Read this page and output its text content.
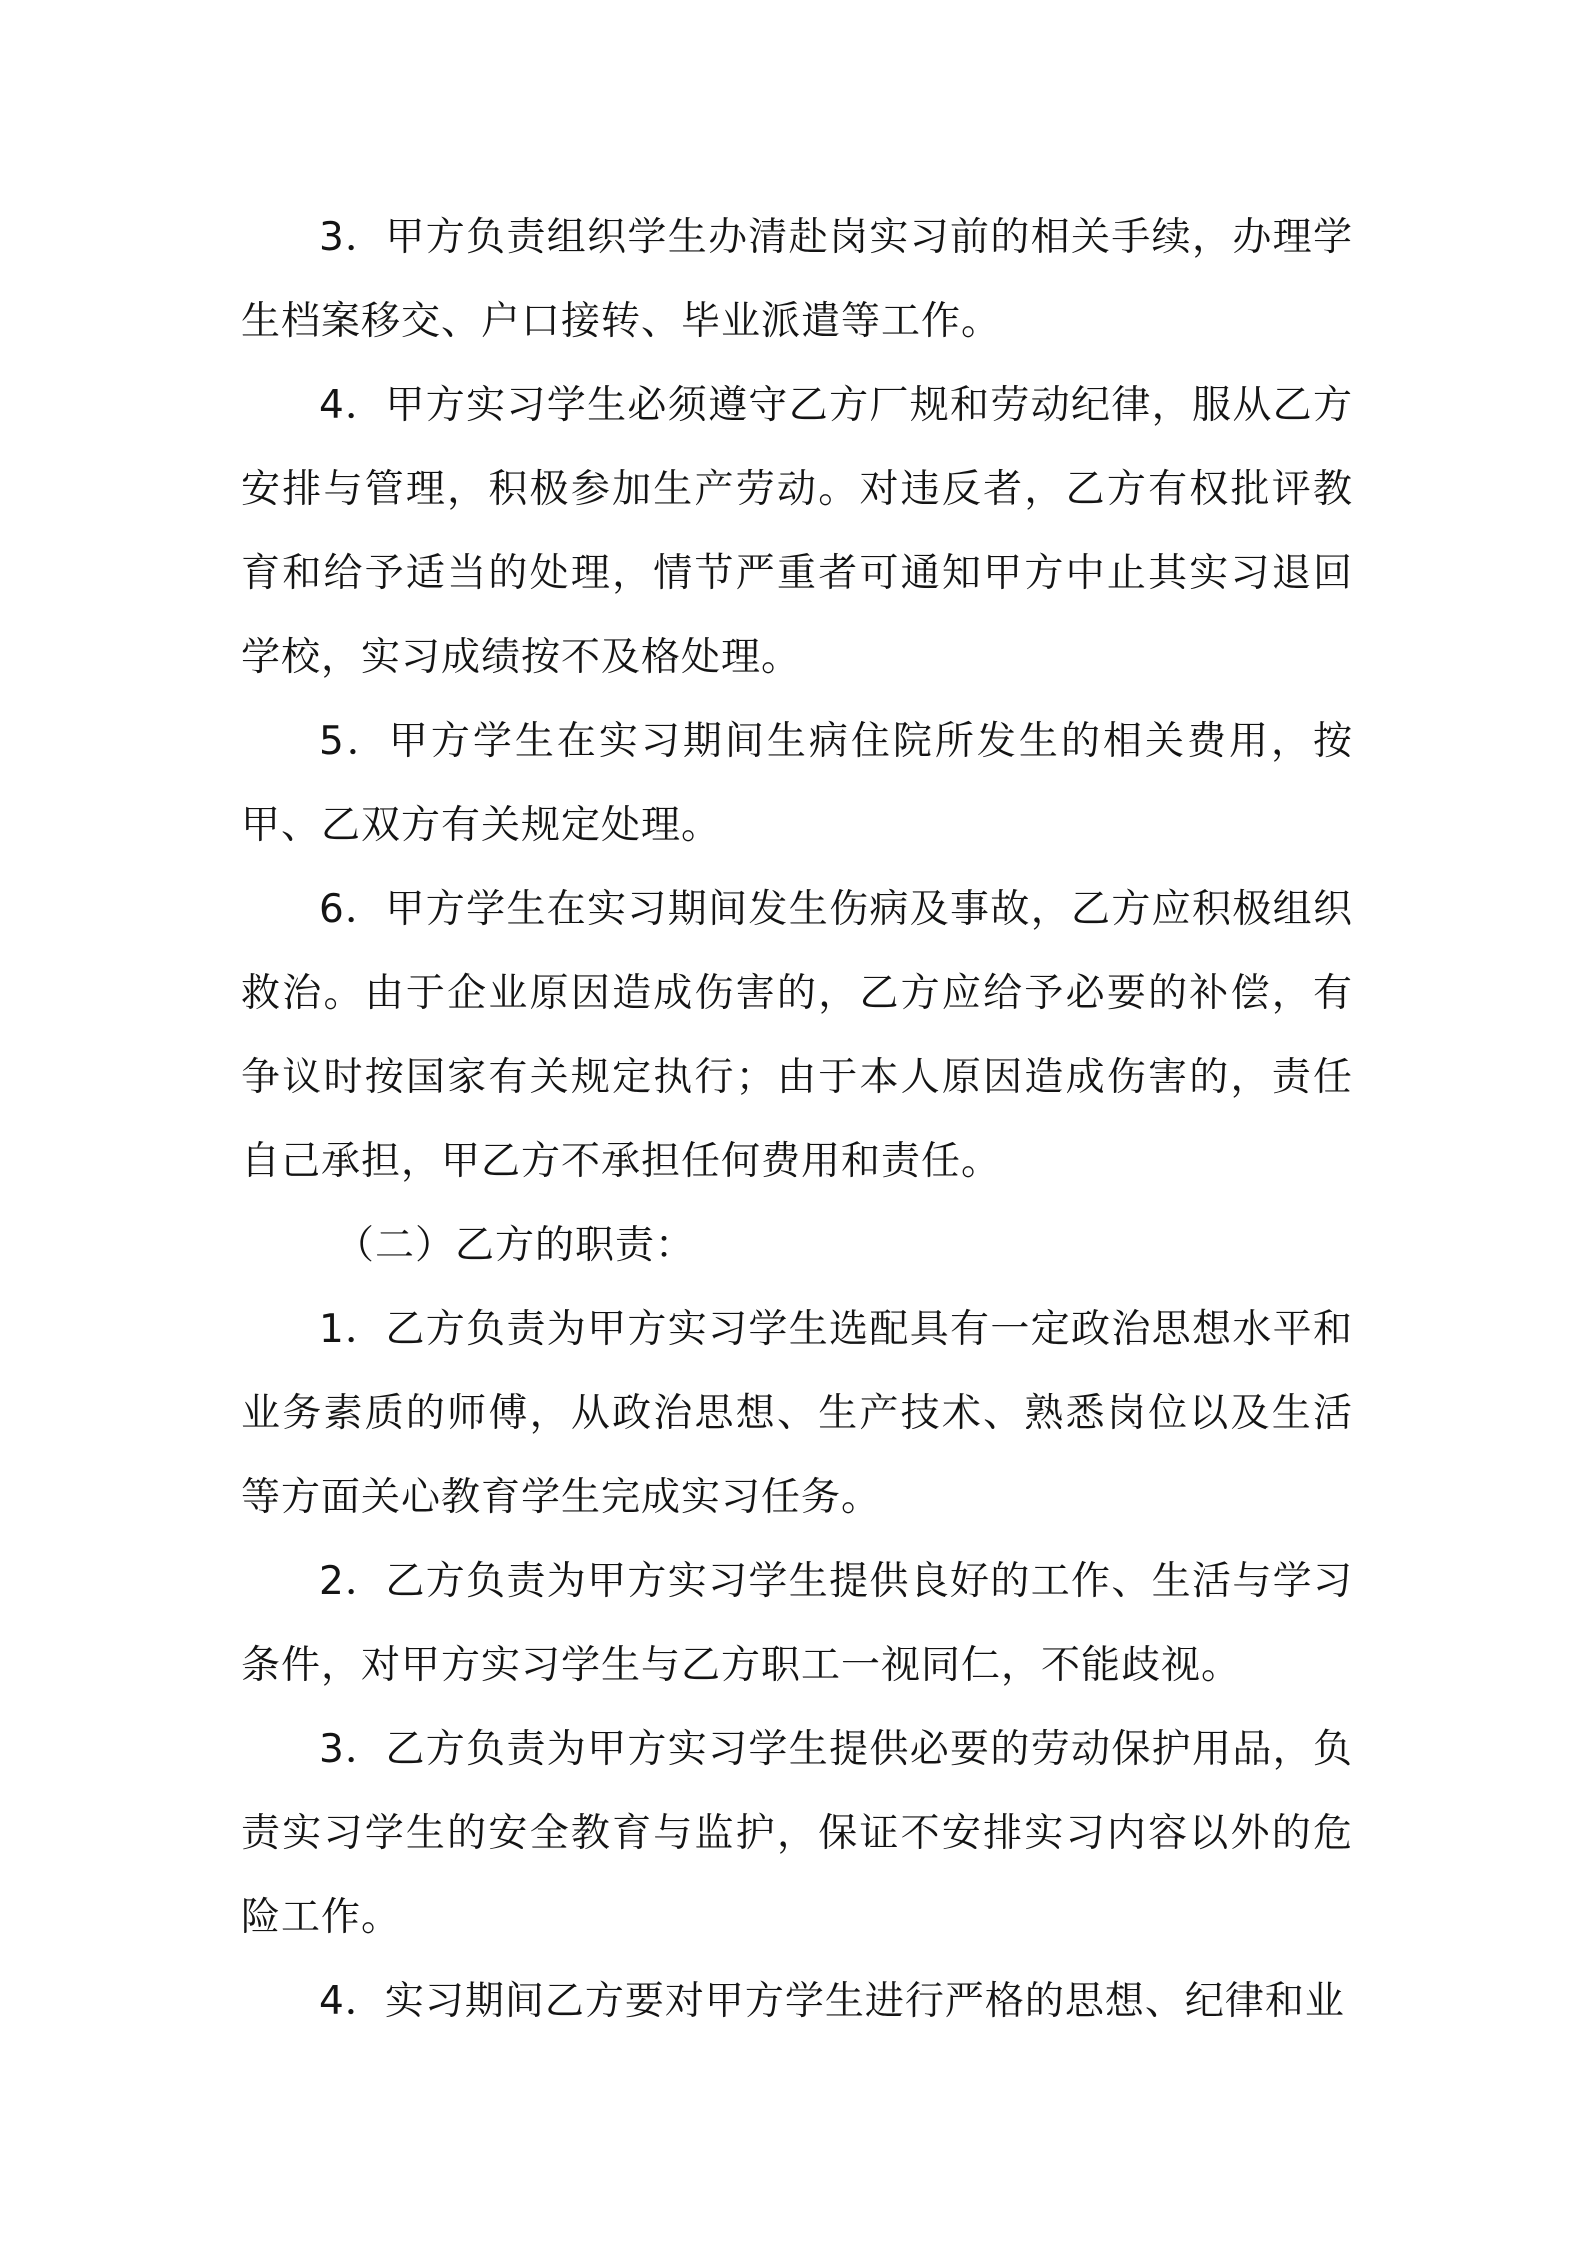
3．甲方负责组织学生办清赴岗实习前的相关手续，办理学生档案移交、户口接转、毕业派遣等工作。

4．甲方实习学生必须遵守乙方厂规和劳动纪律，服从乙方安排与管理，积极参加生产劳动。对违反者，乙方有权批评教育和给予适当的处理，情节严重者可通知甲方中止其实习退回学校，实习成绩按不及格处理。

5．甲方学生在实习期间生病住院所发生的相关费用，按甲、乙双方有关规定处理。

6．甲方学生在实习期间发生伤病及事故，乙方应积极组织救治。由于企业原因造成伤害的，乙方应给予必要的补偿，有争议时按国家有关规定执行；由于本人原因造成伤害的，责任自己承担，甲乙方不承担任何费用和责任。

（二）乙方的职责：

1．乙方负责为甲方实习学生选配具有一定政治思想水平和业务素质的师傅，从政治思想、生产技术、熟悉岗位以及生活等方面关心教育学生完成实习任务。

2．乙方负责为甲方实习学生提供良好的工作、生活与学习条件，对甲方实习学生与乙方职工一视同仁，不能歧视。

3．乙方负责为甲方实习学生提供必要的劳动保护用品，负责实习学生的安全教育与监护，保证不安排实习内容以外的危险工作。

4．实习期间乙方要对甲方学生进行严格的思想、纪律和业
